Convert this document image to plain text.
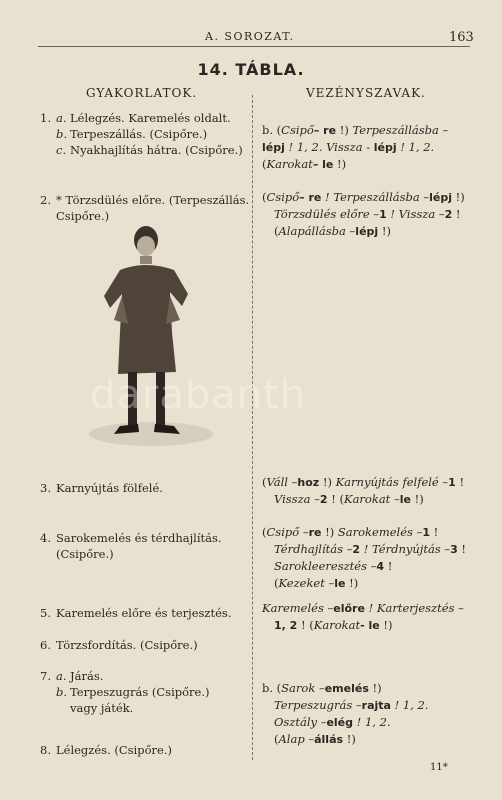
A. SOROZAT.	163
14. TÁBLA.
GYAKORLATOK.	VEZÉNYSZAVAK.
1. a. Lélegzés. Karemelés oldalt.
b. Terpeszállás. (Csipőre.)
c. Nyakhajlítás hátra. (Csipőre.)
2. * Törzsdülés előre. (Terpeszállás.
Csipőre.)
3. Karnyújtás fölfelé.
4. Sarokemelés és térdhajlítás.
(Csipőre.)
5. Karemelés előre és terjesztés.
6. Törzsfordítás. (Csipőre.)
7. a. Járás.
b. Terpeszugrás (Csipőre.)
vagy játék.
8. Lélegzés. (Csipőre.)
b. (Csipő– re !) Terpeszállásba –
lépj ! 1, 2. Vissza - lépj ! 1, 2.
(Karokat– le !)
(Csipő– re ! Terpeszállásba –lépj !)
Törzsdülés előre –1 ! Vissza –2 !
(Alapállásba –lépj !)
(Váll –hoz !) Karnyújtás felfelé –1 !
Vissza –2 ! (Karokat –le !)
(Csipő –re !) Sarokemelés –1 !
Térdhajlítás –2 ! Térdnyújtás –3 !
Sarokleeresztés –4 !
(Kezeket –le !)
Karemelés –előre ! Karterjesztés –
1, 2 ! (Karokat- le !)
b. (Sarok –emelés !)
Terpeszugrás –rajta ! 1, 2.
Osztály –elég ! 1, 2.
(Alap –állás !)
darabanth
11*
